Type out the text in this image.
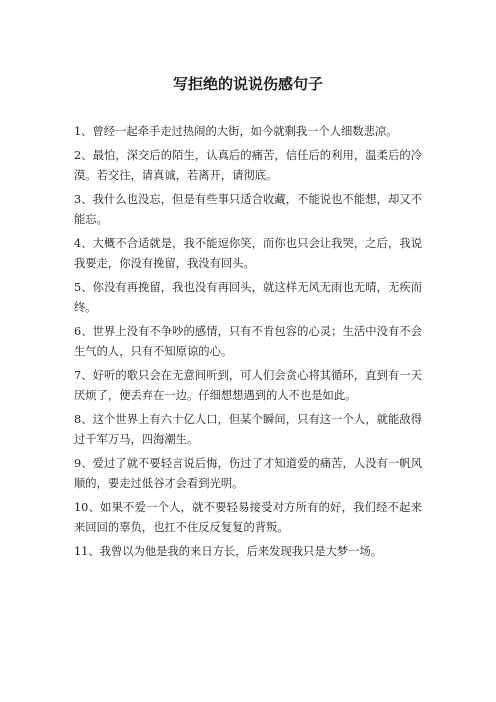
写拒绝的说说伤感句子
1、曾经一起牵手走过热闹的大街，如今就剩我一个人细数悲凉。
2、最怕，深交后的陌生，认真后的痛苦，信任后的利用，温柔后的冷漠。若交往，请真诚，若离开，请彻底。
3、我什么也没忘，但是有些事只适合收藏，不能说也不能想，却又不能忘。
4、大概不合适就是，我不能逗你笑，而你也只会让我哭，之后，我说我要走，你没有挽留，我没有回头。
5、你没有再挽留，我也没有再回头，就这样无风无雨也无晴，无疾而终。
6、世界上没有不争吵的感情，只有不肯包容的心灵；生活中没有不会生气的人，只有不知原谅的心。
7、好听的歌只会在无意间听到，可人们会贪心将其循环，直到有一天厌烦了，便丢弃在一边。仔细想想遇到的人不也是如此。
8、这个世界上有六十亿人口，但某个瞬间，只有这一个人，就能敌得过千军万马，四海潮生。
9、爱过了就不要轻言说后悔，伤过了才知道爱的痛苦，人没有一帆风顺的，要走过低谷才会看到光明。
10、如果不爱一个人，就不要轻易接受对方所有的好，我们经不起来来回回的辜负，也扛不住反反复复的背叛。
11、我曾以为他是我的来日方长，后来发现我只是大梦一场。
